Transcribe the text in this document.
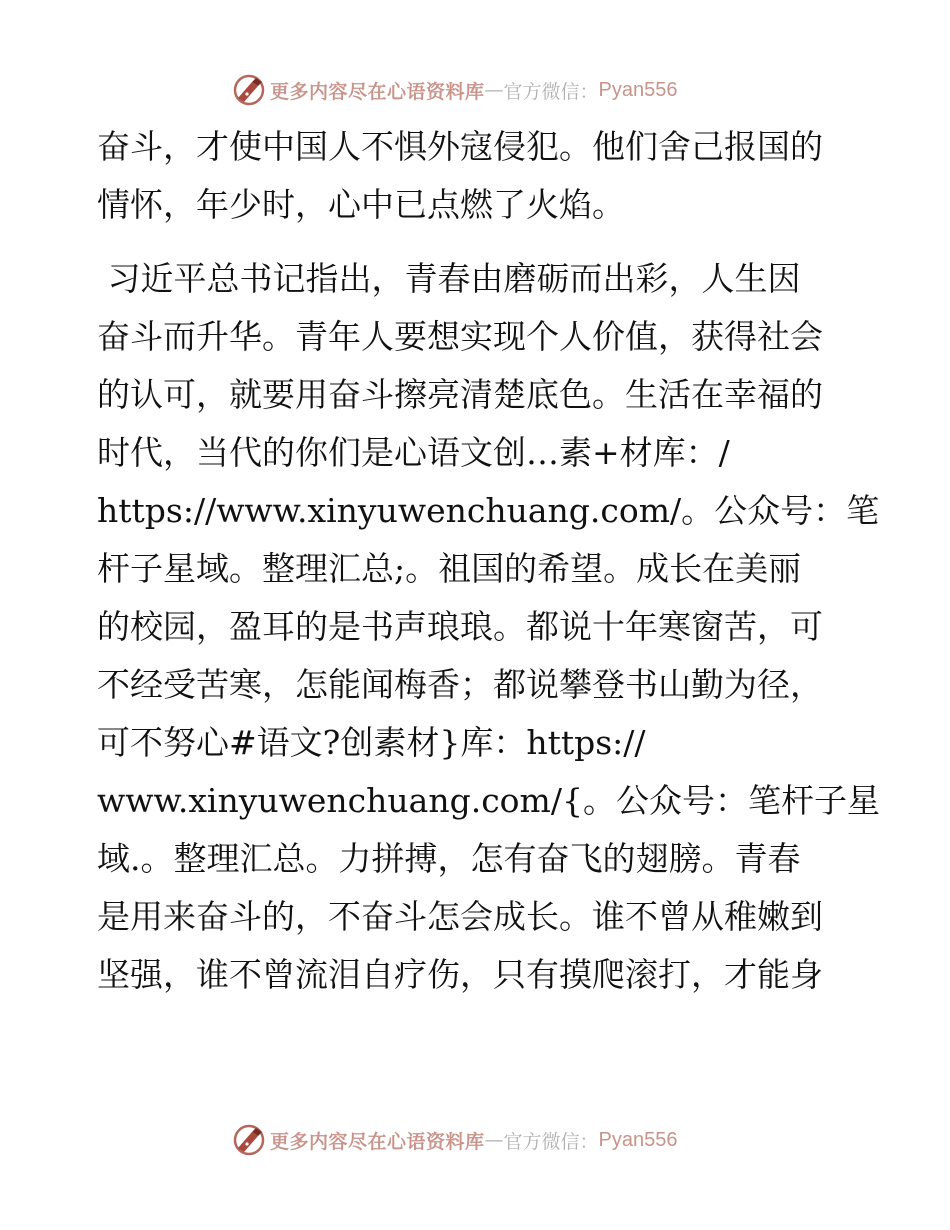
更多内容尽在心语资料库 — 官方微信： Pyan556
奋斗，才使中国人不惧外寇侵犯。他们舍己报国的
情怀，年少时，心中已点燃了火焰。
习近平总书记指出，青春由磨砺而出彩，人生因
奋斗而升华。青年人要想实现个人价值，获得社会
的认可，就要用奋斗擦亮清楚底色。生活在幸福的
时代，当代的你们是心语文创…素+材库：/
https://www.xinyuwenchuang.com/。公众号：笔
杆子星域。整理汇总;。祖国的希望。成长在美丽
的校园，盈耳的是书声琅琅。都说十年寒窗苦，可
不经受苦寒，怎能闻梅香；都说攀登书山勤为径，
可不努心#语文?创素材}库：https://
www.xinyuwenchuang.com/{。公众号：笔杆子星
域.。整理汇总。力拼搏，怎有奋飞的翅膀。青春
是用来奋斗的，不奋斗怎会成长。谁不曾从稚嫩到
坚强，谁不曾流泪自疗伤，只有摸爬滚打，才能身
更多内容尽在心语资料库 — 官方微信： Pyan556
